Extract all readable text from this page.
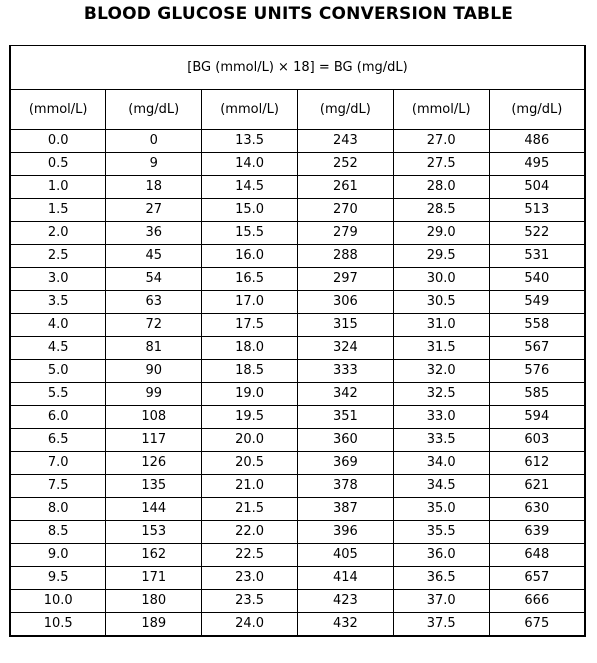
BLOOD GLUCOSE UNITS CONVERSION TABLE
[BG (mmol/L) × 18] = BG (mg/dL)					
(mmol/L)	(mg/dL)	(mmol/L)	(mg/dL)	(mmol/L)	(mg/dL)
0.0	0	13.5	243	27.0	486
0.5	9	14.0	252	27.5	495
1.0	18	14.5	261	28.0	504
1.5	27	15.0	270	28.5	513
2.0	36	15.5	279	29.0	522
2.5	45	16.0	288	29.5	531
3.0	54	16.5	297	30.0	540
3.5	63	17.0	306	30.5	549
4.0	72	17.5	315	31.0	558
4.5	81	18.0	324	31.5	567
5.0	90	18.5	333	32.0	576
5.5	99	19.0	342	32.5	585
6.0	108	19.5	351	33.0	594
6.5	117	20.0	360	33.5	603
7.0	126	20.5	369	34.0	612
7.5	135	21.0	378	34.5	621
8.0	144	21.5	387	35.0	630
8.5	153	22.0	396	35.5	639
9.0	162	22.5	405	36.0	648
9.5	171	23.0	414	36.5	657
10.0	180	23.5	423	37.0	666
10.5	189	24.0	432	37.5	675
